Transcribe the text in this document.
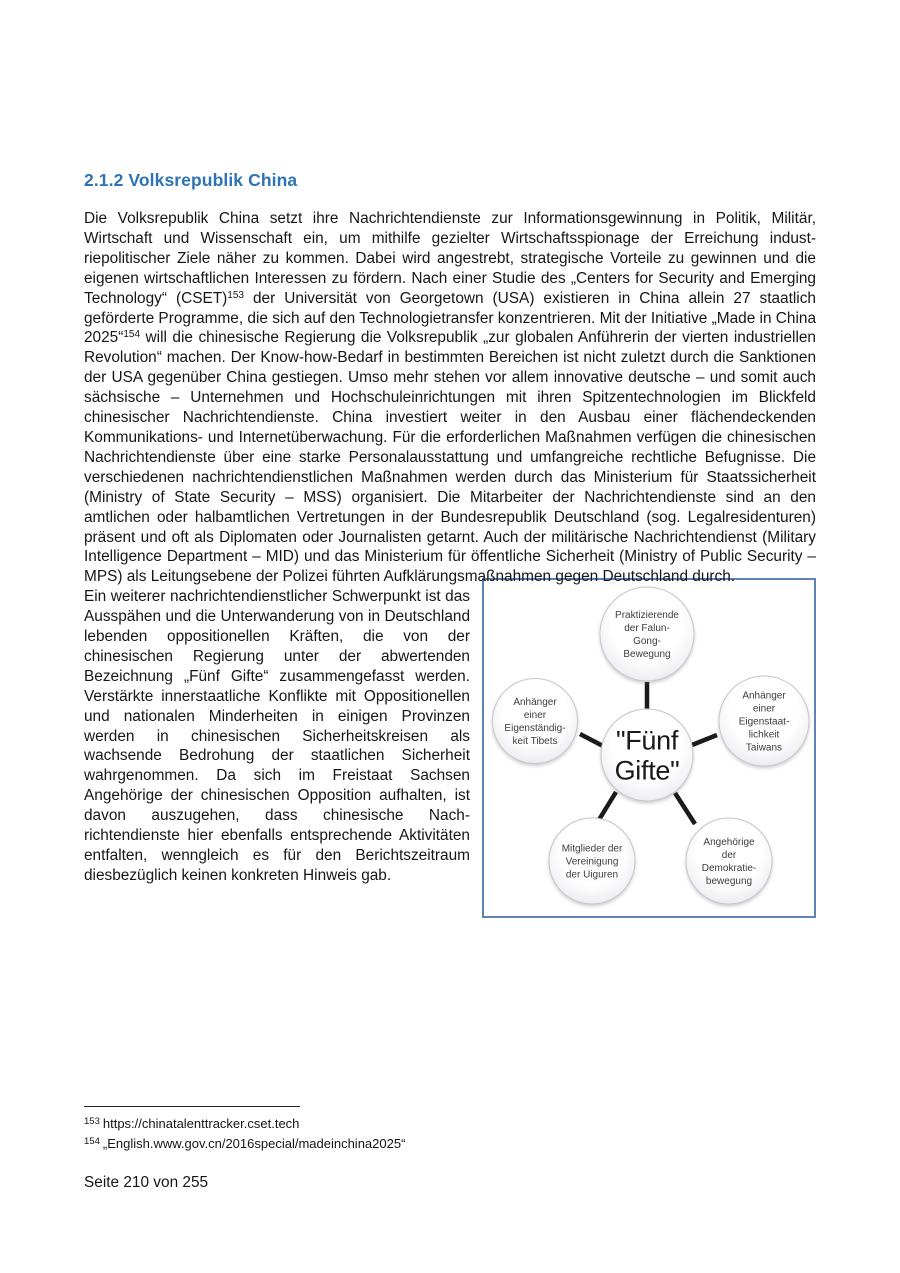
2.1.2 Volksrepublik China

Die Volksrepublik China setzt ihre Nachrichtendienste zur Informationsgewinnung in Politik, Militär, Wirtschaft und Wissenschaft ein, um mithilfe gezielter Wirtschaftsspionage der Erreichung industriepolitischer Ziele näher zu kommen. Dabei wird angestrebt, strategische Vorteile zu gewinnen und die eigenen wirtschaftlichen Interessen zu fördern. Nach einer Studie des „Centers for Security and Emerging Technology“ (CSET)$^{153}$ der Universität von Georgetown (USA) existieren in China allein 27 staatlich geförderte Programme, die sich auf den Technologietransfer konzentrieren. Mit der Initiative „Made in China 2025“$^{154}$ will die chinesische Regierung die Volksrepublik „zur globalen Anführerin der vierten industriellen Revolution“ machen. Der Know-how-Bedarf in bestimmten Bereichen ist nicht zuletzt durch die Sanktionen der USA gegenüber China gestiegen. Umso mehr stehen vor allem innovative deutsche – und somit auch sächsische – Unternehmen und Hochschuleinrichtungen mit ihren Spitzentechnologien im Blickfeld chinesischer Nachrichtendienste. China investiert weiter in den Ausbau einer flächendeckenden Kommunikations- und Internetüberwachung. Für die erforderlichen Maßnahmen verfügen die chinesischen Nachrichtendienste über eine starke Personalausstattung und umfangreiche rechtliche Befugnisse. Die verschiedenen nachrichtendienstlichen Maßnahmen werden durch das Ministerium für Staatssicherheit (Ministry of State Security – MSS) organisiert. Die Mitarbeiter der Nachrichtendienste sind an den amtlichen oder halbamtlichen Vertretungen in der Bundesrepublik Deutschland (sog. Legalresidenturen) präsent und oft als Diplomaten oder Journalisten getarnt. Auch der militärische Nachrichtendienst (Military Intelligence Department – MID) und das Ministerium für öffentliche Sicherheit (Ministry of Public Security – MPS) als Leitungsebene der Polizei führten Aufklärungsmaßnahmen gegen Deutschland durch.

"Fünf Gifte"
Praktizierende der Falun-Gong-Bewegung
Anhänger einer Eigenständig-keit Tibets
Anhänger einer Eigenstaat-lichkeit Taiwans
Mitglieder der Vereinigung der Uiguren
Angehörige der Demokratie-bewegung

Ein weiterer nachrichtendienstlicher Schwerpunkt ist das Ausspähen und die Unterwanderung von in Deutschland lebenden oppositionellen Kräften, die von der chinesischen Regierung unter der abwertenden Bezeichnung „Fünf Gifte“ zusammengefasst werden. Verstärkte innerstaatliche Konflikte mit Oppositionellen und nationalen Minderheiten in einigen Provinzen werden in chinesischen Sicherheitskreisen als wachsende Bedrohung der staatlichen Sicherheit wahrgenommen. Da sich im Freistaat Sachsen Angehörige der chinesischen Opposition aufhalten, ist davon auszugehen, dass chinesische Nachrichtendienste hier ebenfalls entsprechende Aktivitäten entfalten, wenngleich es für den Berichtszeitraum diesbezüglich keinen konkreten Hinweis gab.

$^{153}$ https://chinatalenttracker.cset.tech
$^{154}$ „English.www.gov.cn/2016special/madeinchina2025“
Seite 210 von 255
